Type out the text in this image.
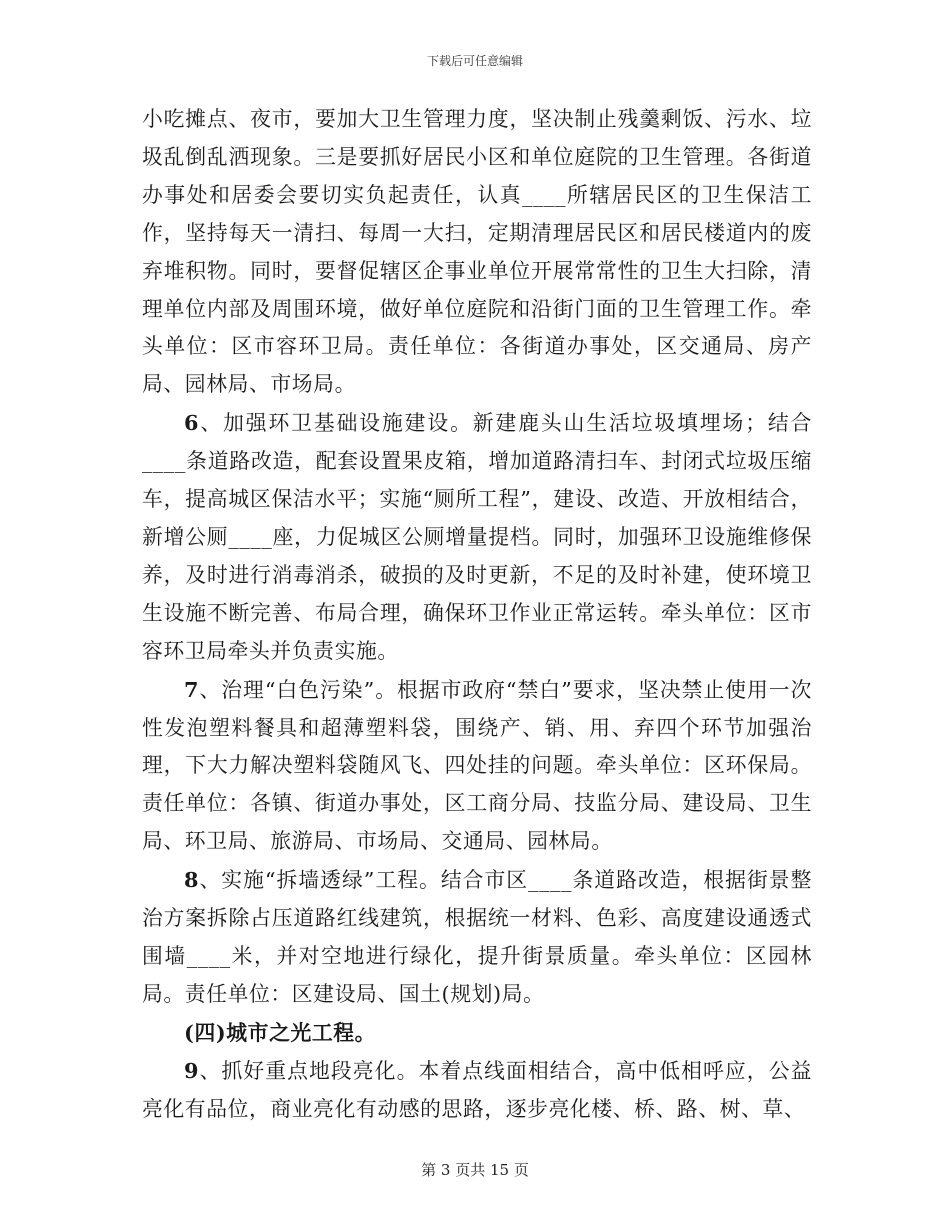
下载后可任意编辑

小吃摊点、夜市，要加大卫生管理力度，坚决制止残羹剩饭、污水、垃圾乱倒乱洒现象。三是要抓好居民小区和单位庭院的卫生管理。各街道办事处和居委会要切实负起责任，认真____所辖居民区的卫生保洁工作，坚持每天一清扫、每周一大扫，定期清理居民区和居民楼道内的废弃堆积物。同时，要督促辖区企事业单位开展常常性的卫生大扫除，清理单位内部及周围环境，做好单位庭院和沿街门面的卫生管理工作。牵头单位：区市容环卫局。责任单位：各街道办事处，区交通局、房产局、园林局、市场局。

6、加强环卫基础设施建设。新建鹿头山生活垃圾填埋场；结合____条道路改造，配套设置果皮箱，增加道路清扫车、封闭式垃圾压缩车，提高城区保洁水平；实施“厕所工程”，建设、改造、开放相结合，新增公厕____座，力促城区公厕增量提档。同时，加强环卫设施维修保养，及时进行消毒消杀，破损的及时更新，不足的及时补建，使环境卫生设施不断完善、布局合理，确保环卫作业正常运转。牵头单位：区市容环卫局牵头并负责实施。

7、治理“白色污染”。根据市政府“禁白”要求，坚决禁止使用一次性发泡塑料餐具和超薄塑料袋，围绕产、销、用、弃四个环节加强治理，下大力解决塑料袋随风飞、四处挂的问题。牵头单位：区环保局。责任单位：各镇、街道办事处，区工商分局、技监分局、建设局、卫生局、环卫局、旅游局、市场局、交通局、园林局。

8、实施“拆墙透绿”工程。结合市区____条道路改造，根据街景整治方案拆除占压道路红线建筑，根据统一材料、色彩、高度建设通透式围墙____米，并对空地进行绿化，提升街景质量。牵头单位：区园林局。责任单位：区建设局、国土(规划)局。

(四)城市之光工程。

9、抓好重点地段亮化。本着点线面相结合，高中低相呼应，公益亮化有品位，商业亮化有动感的思路，逐步亮化楼、桥、路、树、草、

第 3 页共 15 页
